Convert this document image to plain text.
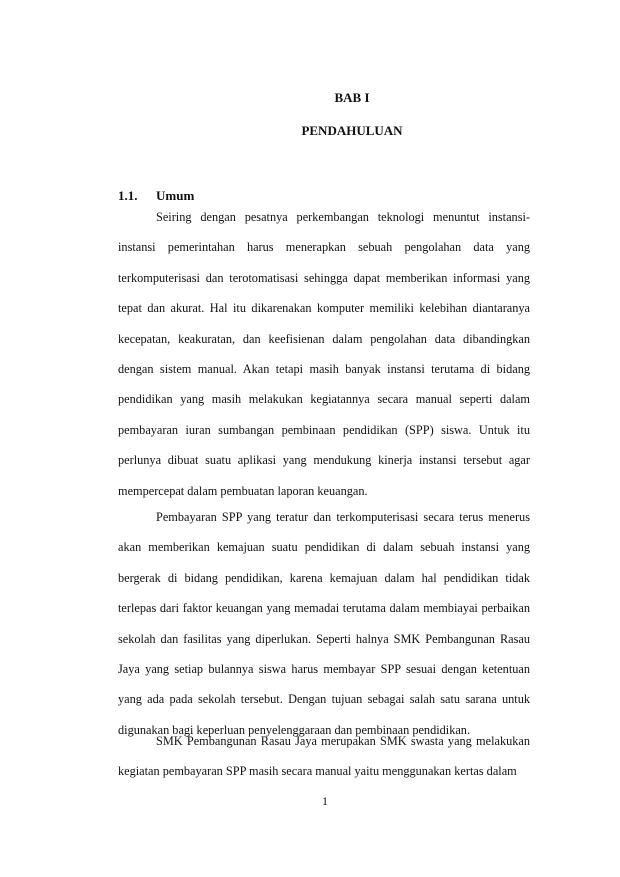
BAB I
PENDAHULUAN
1.1. Umum

Seiring dengan pesatnya perkembangan teknologi menuntut instansi-instansi pemerintahan harus menerapkan sebuah pengolahan data yang terkomputerisasi dan terotomatisasi sehingga dapat memberikan informasi yang tepat dan akurat. Hal itu dikarenakan komputer memiliki kelebihan diantaranya kecepatan, keakuratan, dan keefisienan dalam pengolahan data dibandingkan dengan sistem manual. Akan tetapi masih banyak instansi terutama di bidang pendidikan yang masih melakukan kegiatannya secara manual seperti dalam pembayaran iuran sumbangan pembinaan pendidikan (SPP) siswa. Untuk itu perlunya dibuat suatu aplikasi yang mendukung kinerja instansi tersebut agar mempercepat dalam pembuatan laporan keuangan.

Pembayaran SPP yang teratur dan terkomputerisasi secara terus menerus akan memberikan kemajuan suatu pendidikan di dalam sebuah instansi yang bergerak di bidang pendidikan, karena kemajuan dalam hal pendidikan tidak terlepas dari faktor keuangan yang memadai terutama dalam membiayai perbaikan sekolah dan fasilitas yang diperlukan. Seperti halnya SMK Pembangunan Rasau Jaya yang setiap bulannya siswa harus membayar SPP sesuai dengan ketentuan yang ada pada sekolah tersebut. Dengan tujuan sebagai salah satu sarana untuk digunakan bagi keperluan penyelenggaraan dan pembinaan pendidikan.

SMK Pembangunan Rasau Jaya merupakan SMK swasta yang melakukan kegiatan pembayaran SPP masih secara manual yaitu menggunakan kertas dalam

1
